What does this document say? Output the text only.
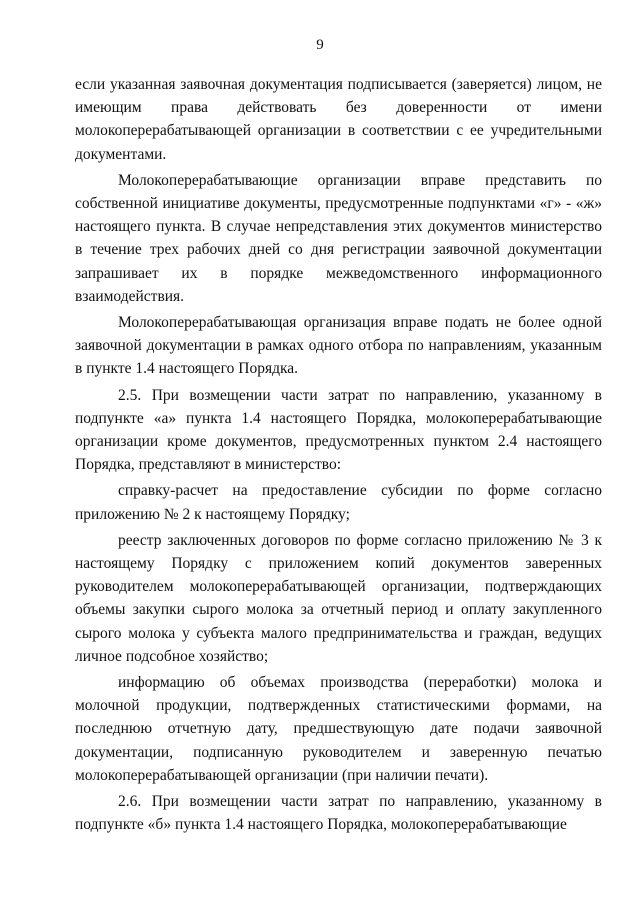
9

если указанная заявочная документация подписывается (заверяется) лицом, не имеющим права действовать без доверенности от имени молокоперерабатывающей организации в соответствии с ее учредительными документами.

Молокоперерабатывающие организации вправе представить по собственной инициативе документы, предусмотренные подпунктами «г» - «ж» настоящего пункта. В случае непредставления этих документов министерство в течение трех рабочих дней со дня регистрации заявочной документации запрашивает их в порядке межведомственного информационного взаимодействия.

Молокоперерабатывающая организация вправе подать не более одной заявочной документации в рамках одного отбора по направлениям, указанным в пункте 1.4 настоящего Порядка.

2.5. При возмещении части затрат по направлению, указанному в подпункте «а» пункта 1.4 настоящего Порядка, молокоперерабатывающие организации кроме документов, предусмотренных пунктом 2.4 настоящего Порядка, представляют в министерство:

справку-расчет на предоставление субсидии по форме согласно приложению № 2 к настоящему Порядку;

реестр заключенных договоров по форме согласно приложению № 3 к настоящему Порядку с приложением копий документов заверенных руководителем молокоперерабатывающей организации, подтверждающих объемы закупки сырого молока за отчетный период и оплату закупленного сырого молока у субъекта малого предпринимательства и граждан, ведущих личное подсобное хозяйство;

информацию об объемах производства (переработки) молока и молочной продукции, подтвержденных статистическими формами, на последнюю отчетную дату, предшествующую дате подачи заявочной документации, подписанную руководителем и заверенную печатью молокоперерабатывающей организации (при наличии печати).

2.6. При возмещении части затрат по направлению, указанному в подпункте «б» пункта 1.4 настоящего Порядка, молокоперерабатывающие
